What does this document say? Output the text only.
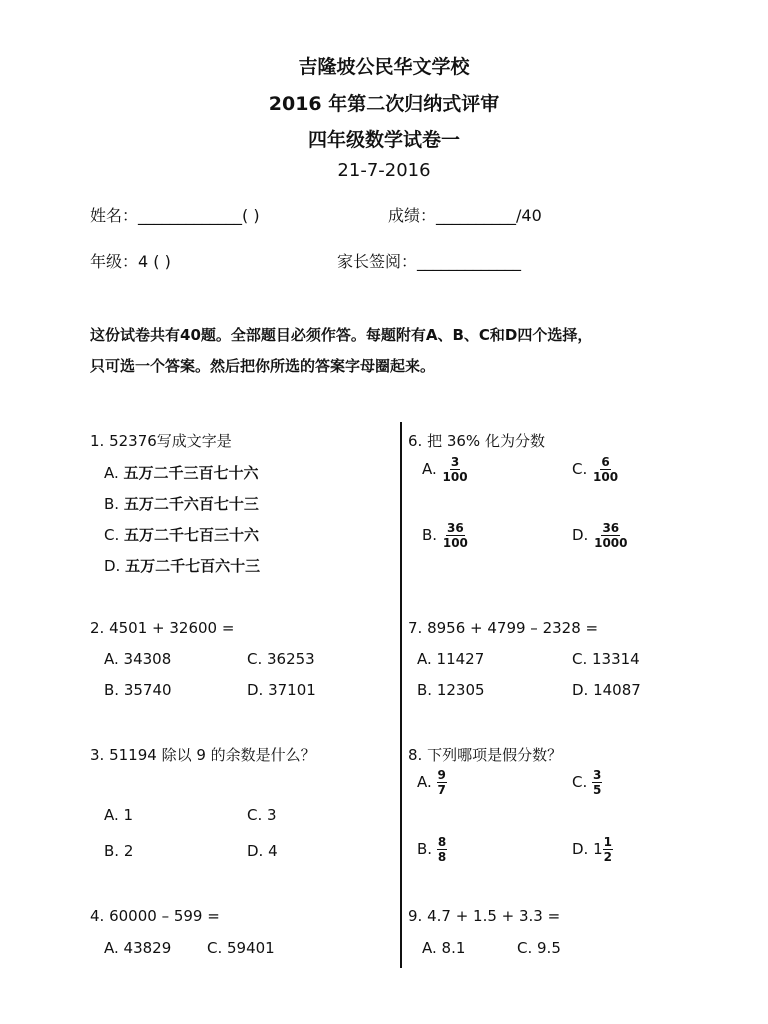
吉隆坡公民华文学校
2016 年第二次归纳式评审
四年级数学试卷一
21-7-2016
姓名：_____________( )	成绩：__________/40
年级：4 ( )	家长签阅：_____________
这份试卷共有40题。全部题目必须作答。每题附有A、B、C和D四个选择，
只可选一个答案。然后把你所选的答案字母圈起来。
1. 52376写成文字是
A. 五万二千三百七十六
B. 五万二千六百七十三
C. 五万二千七百三十六
D. 五万二千七百六十三
2. 4501 + 32600 =
A. 34308	C. 36253
B. 35740	D. 37101
3. 51194 除以 9 的余数是什么？
A. 1	C. 3
B. 2	D. 4
4. 60000 – 599 =
A. 43829 C. 59401
6. 把 36% 化为分数
A. $\frac{3}{100}$	C. $\frac{6}{100}$
B. $\frac{36}{100}$	D. $\frac{36}{1000}$
7. 8956 + 4799 – 2328 =
A. 11427	C. 13314
B. 12305	D. 14087
8. 下列哪项是假分数？
A. $\frac{9}{7}$	C. $\frac{3}{5}$
B. $\frac{8}{8}$	D. $1 \frac{1}{2}$
9. 4.7 + 1.5 + 3.3 =
A. 8.1	C. 9.5
